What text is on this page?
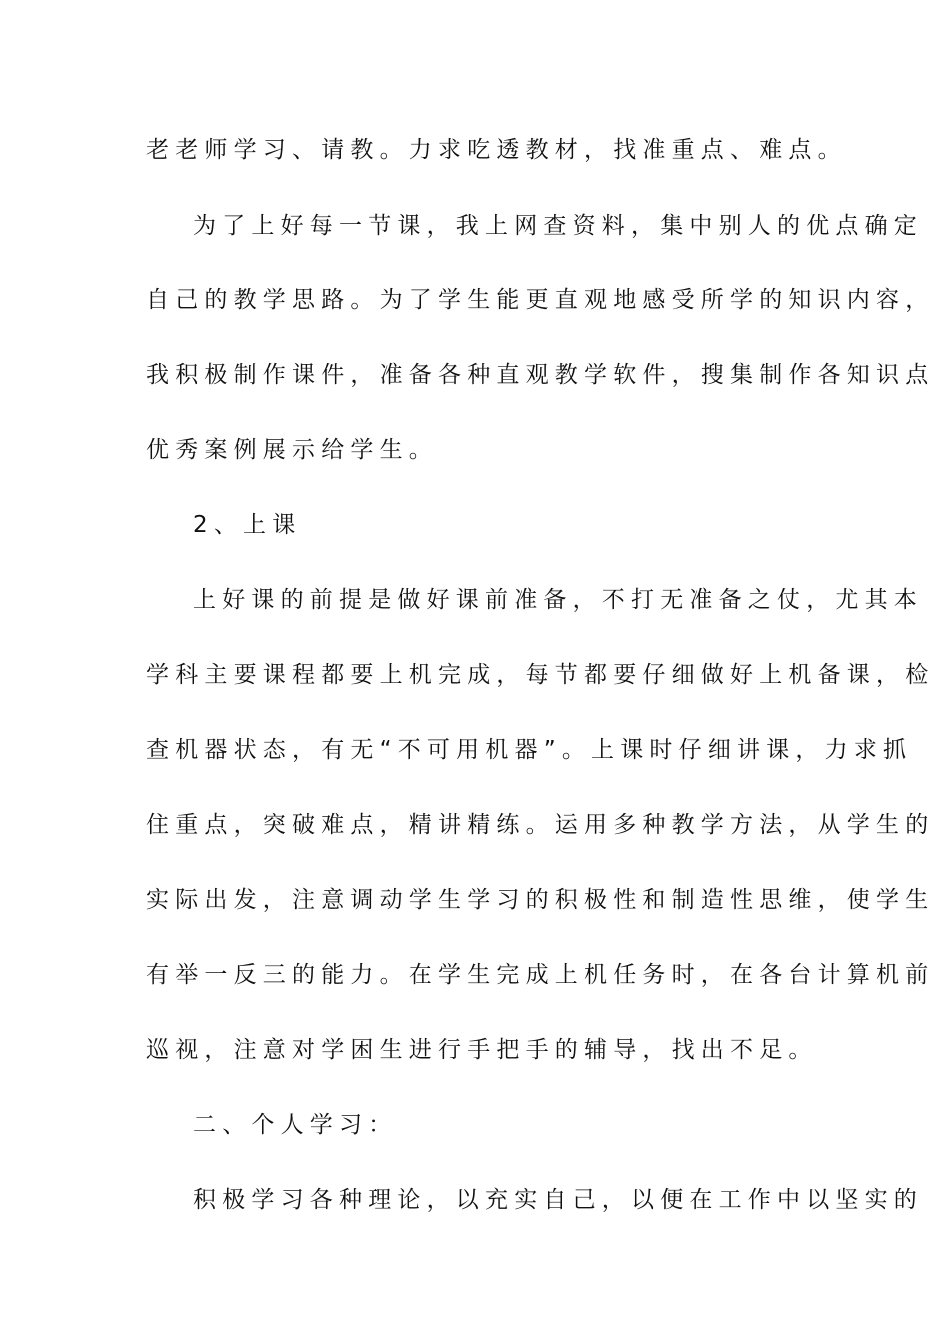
老老师学习、请教。力求吃透教材，找准重点、难点。
为了上好每一节课，我上网查资料，集中别人的优点确定
自己的教学思路。为了学生能更直观地感受所学的知识内容，
我积极制作课件，准备各种直观教学软件，搜集制作各知识点
优秀案例展示给学生。
2、上课
上好课的前提是做好课前准备，不打无准备之仗，尤其本
学科主要课程都要上机完成，每节都要仔细做好上机备课，检
查机器状态，有无“不可用机器”。上课时仔细讲课，力求抓
住重点，突破难点，精讲精练。运用多种教学方法，从学生的
实际出发，注意调动学生学习的积极性和制造性思维，使学生
有举一反三的能力。在学生完成上机任务时，在各台计算机前
巡视，注意对学困生进行手把手的辅导，找出不足。
二、个人学习：
积极学习各种理论，以充实自己，以便在工作中以坚实的
